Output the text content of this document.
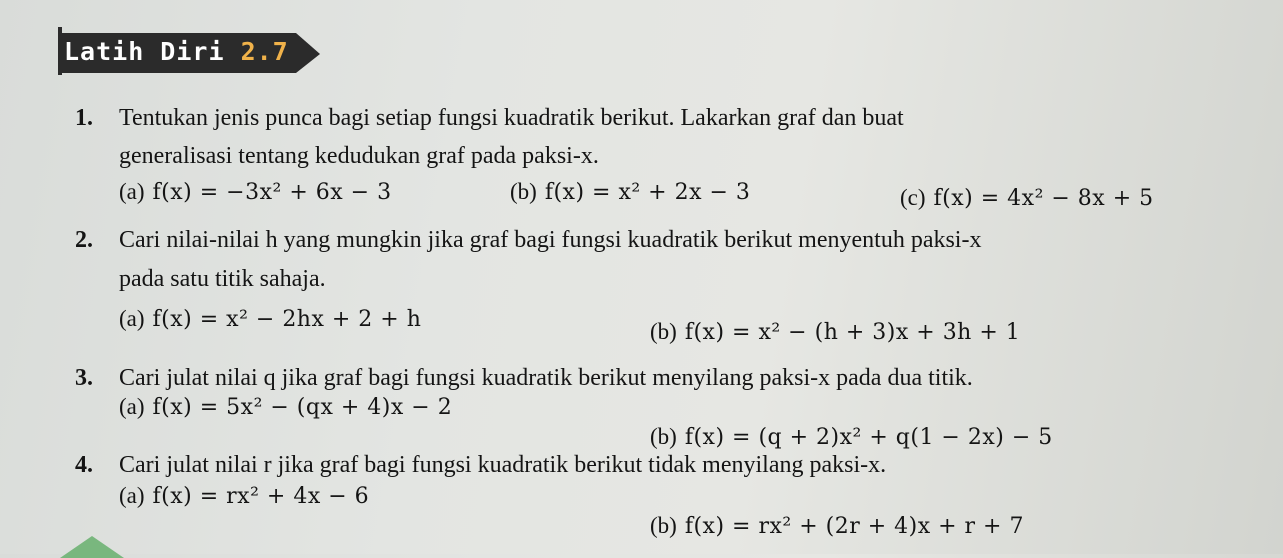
Latih Diri 2.7
1. Tentukan jenis punca bagi setiap fungsi kuadratik berikut. Lakarkan graf dan buat
generalisasi tentang kedudukan graf pada paksi-x.
(a) f(x) = −3x² + 6x − 3	(b) f(x) = x² + 2x − 3	(c) f(x) = 4x² − 8x + 5
2. Cari nilai-nilai h yang mungkin jika graf bagi fungsi kuadratik berikut menyentuh paksi-x
pada satu titik sahaja.
(a) f(x) = x² − 2hx + 2 + h	(b) f(x) = x² − (h + 3)x + 3h + 1
3. Cari julat nilai q jika graf bagi fungsi kuadratik berikut menyilang paksi-x pada dua titik.
(a) f(x) = 5x² − (qx + 4)x − 2
(b) f(x) = (q + 2)x² + q(1 − 2x) − 5
4. Cari julat nilai r jika graf bagi fungsi kuadratik berikut tidak menyilang paksi-x.
(a) f(x) = rx² + 4x − 6
(b) f(x) = rx² + (2r + 4)x + r + 7
